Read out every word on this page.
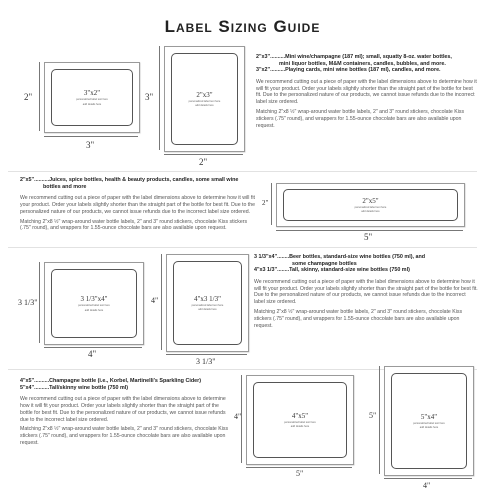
Label Sizing Guide
3"x2"
personalized label text here
add details here
2"
3"
2"x3"
personalized label text here
add details here
3"
2"
2"x3"..........Mini wine/champagne (187 ml); small, squatty 8-oz. water bottles,
mini liquor bottles, M&M containers, candles, bubbles, and more.
3"x2"..........Playing cards, mini wine bottles (187 ml), candles, and more.

We recommend cutting out a piece of paper with the label dimensions above to determine how it will fit your product. Order your labels slightly shorter than the straight part of the bottle for best fit. Due to the personalized nature of our products, we cannot issue refunds due to the incorrect label size ordered.

Matching 2"x8 ½" wrap-around water bottle labels, 2" and 3" round stickers, chocolate Kiss stickers (.75" round), and wrappers for 1.55-ounce chocolate bars are also available upon request.

2"x5"..........Juices, spice bottles, health & beauty products, candles, some small wine
bottles and more

We recommend cutting out a piece of paper with the label dimensions above to determine how it will fit your product. Order your labels slightly shorter than the straight part of the bottle for best fit. Due to the personalized nature of our products, we cannot issue refunds due to the incorrect label size ordered.

Matching 2"x8 ½" wrap-around water bottle labels, 2" and 3" round stickers, chocolate Kiss stickers (.75" round), and wrappers for 1.55-ounce chocolate bars are also available upon request.

2"x5"
personalized label text here
add details here
2"
5"
3 1/3"x4"
personalized label text here
add details here
3 1/3"
4"
4"x3 1/3"
personalized label text here
add details here
4"
3 1/3"
3 1/3"x4"........Beer bottles, standard-size wine bottles (750 ml), and
some champagne bottles
4"x3 1/3"........Tall, skinny, standard-size wine bottles (750 ml)

We recommend cutting out a piece of paper with the label dimensions above to determine how it will fit your product. Order your labels slightly shorter than the straight part of the bottle for best fit. Due to the personalized nature of our products, we cannot issue refunds due to the incorrect label size ordered.

Matching 2"x8 ½" wrap-around water bottle labels, 2" and 3" round stickers, chocolate Kiss stickers (.75" round), and wrappers for 1.55-ounce chocolate bars are also available upon request.

4"x5"..........Champagne bottle (i.e., Korbel, Martinelli's Sparkling Cider)
5"x4"..........Tall/skinny wine bottle (750 ml)

We recommend cutting out a piece of paper with the label dimensions above to determine how it will fit your product. Order your labels slightly shorter than the straight part of the bottle for best fit. Due to the personalized nature of our products, we cannot issue refunds due to the incorrect label size ordered.

Matching 2"x8 ½" wrap-around water bottle labels, 2" and 3" round stickers, chocolate Kiss stickers (.75" round), and wrappers for 1.55-ounce chocolate bars are also available upon request.

4"x5"
personalized label text here
add details here
4"
5"
5"x4"
personalized label text here
add details here
5"
4"
